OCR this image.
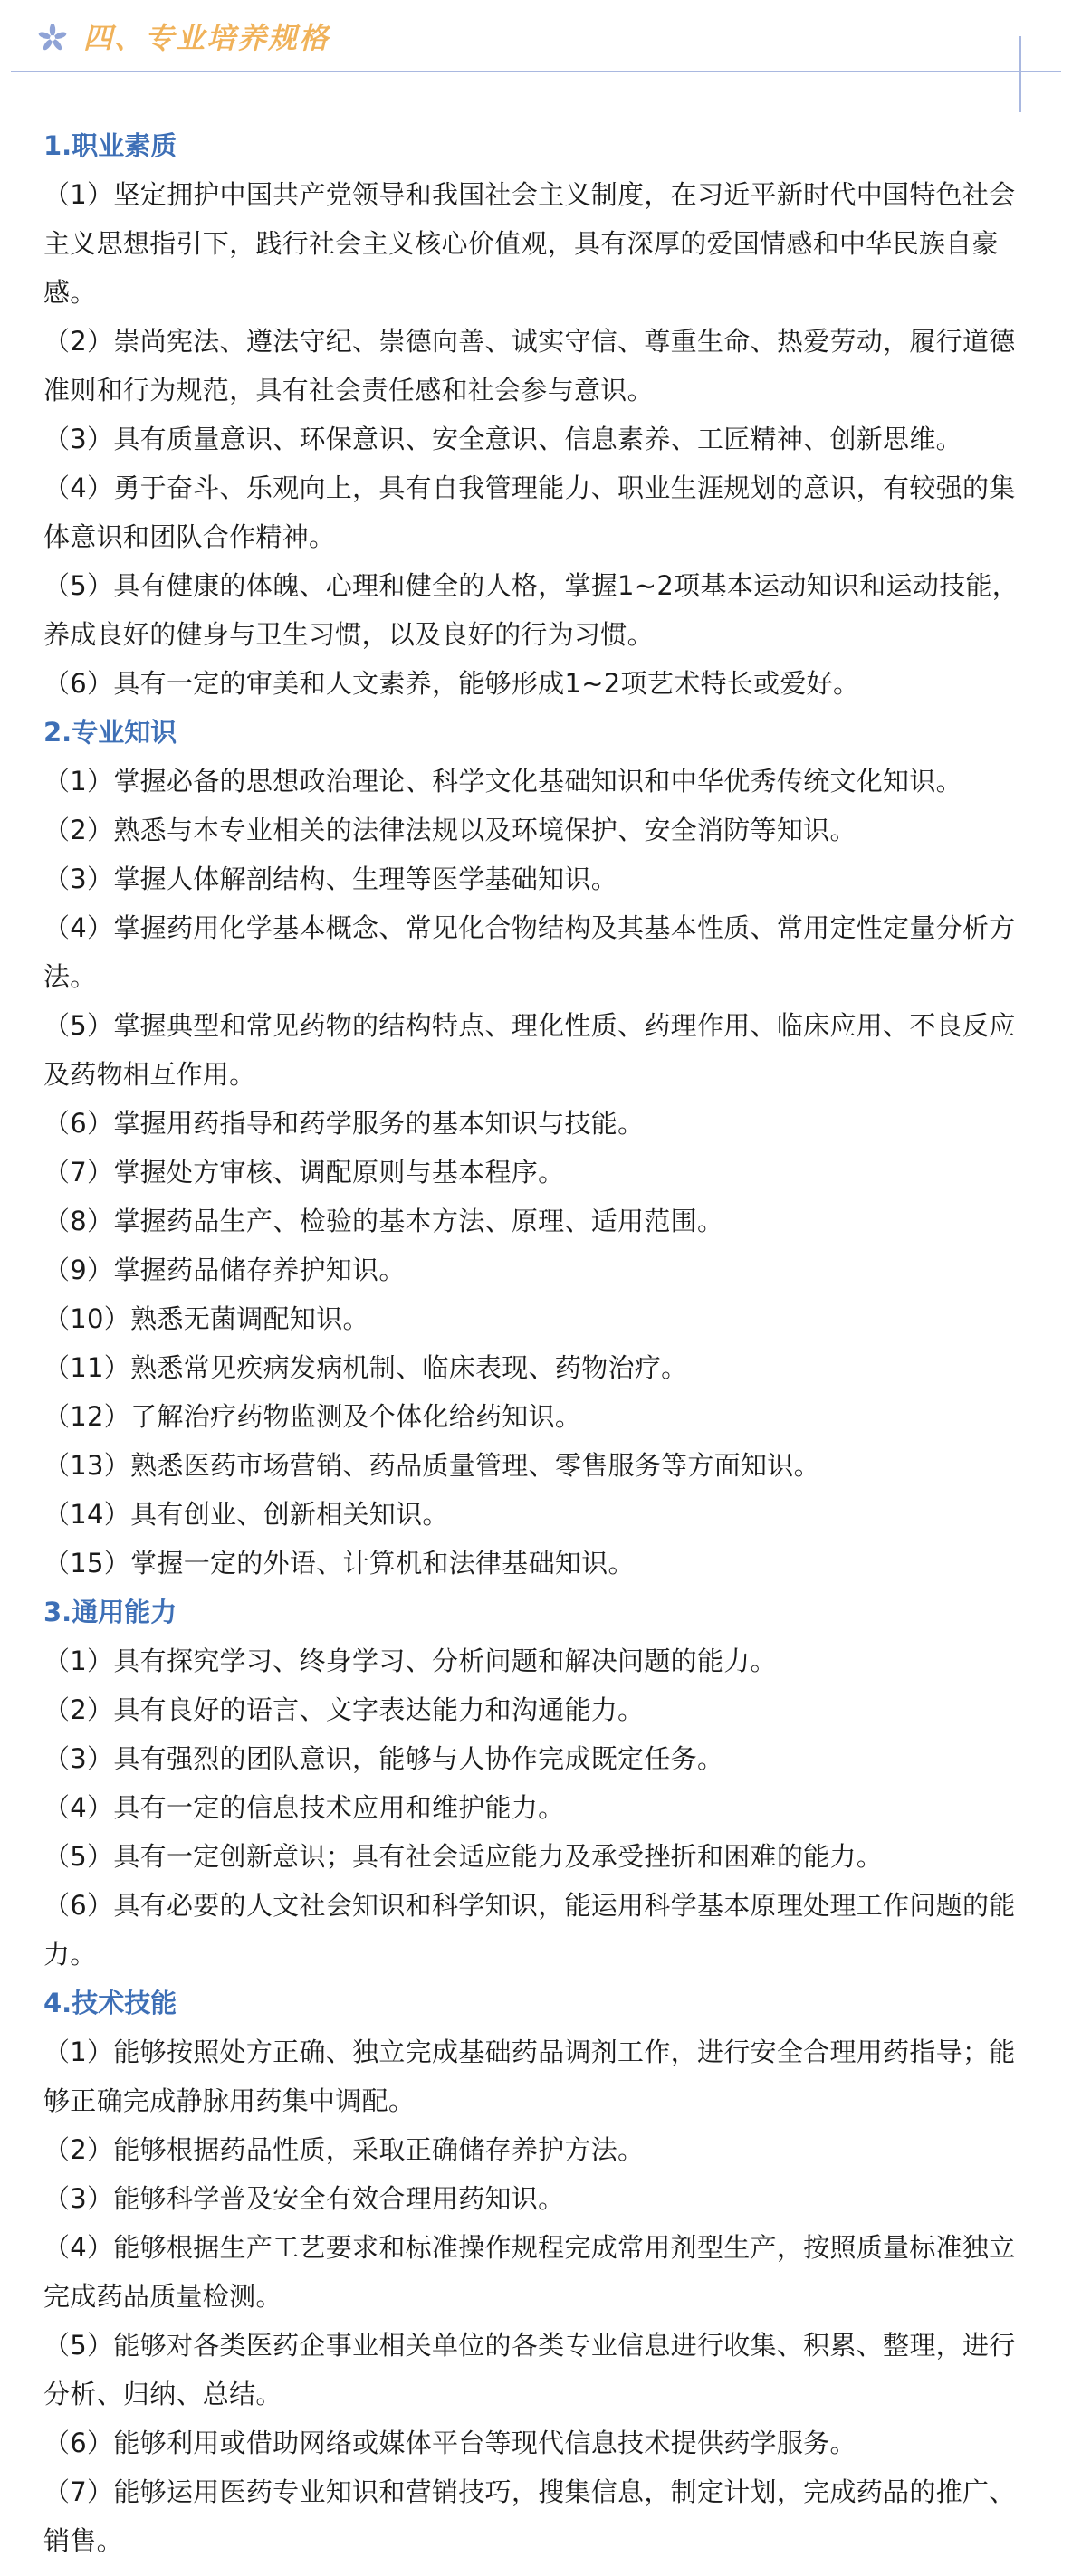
四、专业培养规格
1.职业素质
（1）坚定拥护中国共产党领导和我国社会主义制度，在习近平新时代中国特色社会主义思想指引下，践行社会主义核心价值观，具有深厚的爱国情感和中华民族自豪感。
（2）崇尚宪法、遵法守纪、崇德向善、诚实守信、尊重生命、热爱劳动，履行道德准则和行为规范，具有社会责任感和社会参与意识。
（3）具有质量意识、环保意识、安全意识、信息素养、工匠精神、创新思维。
（4）勇于奋斗、乐观向上，具有自我管理能力、职业生涯规划的意识，有较强的集体意识和团队合作精神。
（5）具有健康的体魄、心理和健全的人格，掌握1~2项基本运动知识和运动技能，养成良好的健身与卫生习惯，以及良好的行为习惯。
（6）具有一定的审美和人文素养，能够形成1~2项艺术特长或爱好。
2.专业知识
（1）掌握必备的思想政治理论、科学文化基础知识和中华优秀传统文化知识。
（2）熟悉与本专业相关的法律法规以及环境保护、安全消防等知识。
（3）掌握人体解剖结构、生理等医学基础知识。
（4）掌握药用化学基本概念、常见化合物结构及其基本性质、常用定性定量分析方法。
（5）掌握典型和常见药物的结构特点、理化性质、药理作用、临床应用、不良反应及药物相互作用。
（6）掌握用药指导和药学服务的基本知识与技能。
（7）掌握处方审核、调配原则与基本程序。
（8）掌握药品生产、检验的基本方法、原理、适用范围。
（9）掌握药品储存养护知识。
（10）熟悉无菌调配知识。
（11）熟悉常见疾病发病机制、临床表现、药物治疗。
（12）了解治疗药物监测及个体化给药知识。
（13）熟悉医药市场营销、药品质量管理、零售服务等方面知识。
（14）具有创业、创新相关知识。
（15）掌握一定的外语、计算机和法律基础知识。
3.通用能力
（1）具有探究学习、终身学习、分析问题和解决问题的能力。
（2）具有良好的语言、文字表达能力和沟通能力。
（3）具有强烈的团队意识，能够与人协作完成既定任务。
（4）具有一定的信息技术应用和维护能力。
（5）具有一定创新意识；具有社会适应能力及承受挫折和困难的能力。
（6）具有必要的人文社会知识和科学知识，能运用科学基本原理处理工作问题的能力。
4.技术技能
（1）能够按照处方正确、独立完成基础药品调剂工作，进行安全合理用药指导；能够正确完成静脉用药集中调配。
（2）能够根据药品性质，采取正确储存养护方法。
（3）能够科学普及安全有效合理用药知识。
（4）能够根据生产工艺要求和标准操作规程完成常用剂型生产，按照质量标准独立完成药品质量检测。
（5）能够对各类医药企事业相关单位的各类专业信息进行收集、积累、整理，进行分析、归纳、总结。
（6）能够利用或借助网络或媒体平台等现代信息技术提供药学服务。
（7）能够运用医药专业知识和营销技巧，搜集信息，制定计划，完成药品的推广、销售。
